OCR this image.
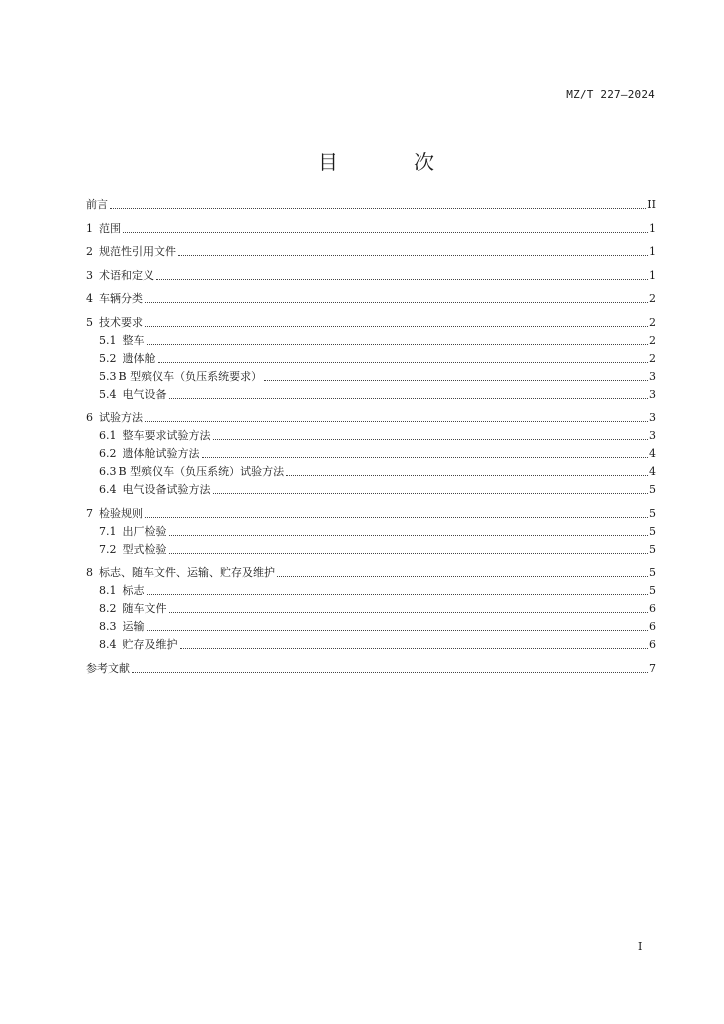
MZ/T 227—2024
目　次
前言	II
1 范围	1
2 规范性引用文件	1
3 术语和定义	1
4 车辆分类	2
5 技术要求	2
5.1 整车	2
5.2 遗体舱	2
5.3 B 型殡仪车（负压系统要求）	3
5.4 电气设备	3
6 试验方法	3
6.1 整车要求试验方法	3
6.2 遗体舱试验方法	4
6.3 B 型殡仪车（负压系统）试验方法	4
6.4 电气设备试验方法	5
7 检验规则	5
7.1 出厂检验	5
7.2 型式检验	5
8 标志、随车文件、运输、贮存及维护	5
8.1 标志	5
8.2 随车文件	6
8.3 运输	6
8.4 贮存及维护	6
参考文献	7
I
